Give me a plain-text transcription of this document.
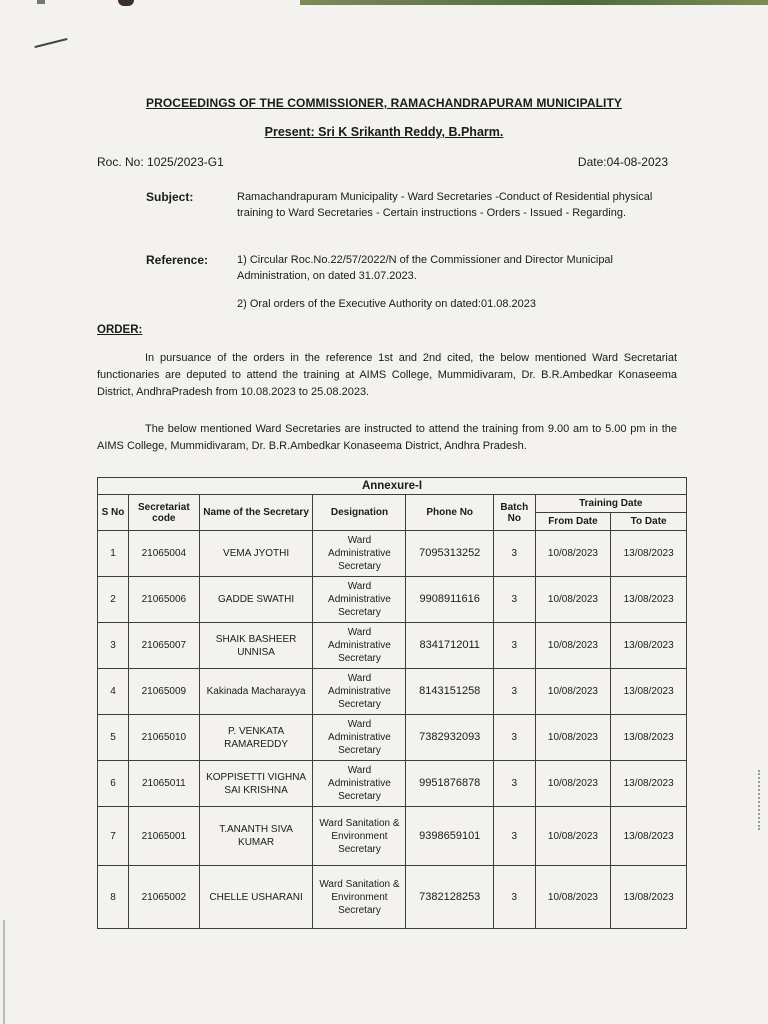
PROCEEDINGS OF THE COMMISSIONER, RAMACHANDRAPURAM MUNICIPALITY
Present: Sri K Srikanth Reddy, B.Pharm.
Roc. No: 1025/2023-G1	Date:04-08-2023
Subject:	Ramachandrapuram Municipality - Ward Secretaries -Conduct of Residential physical training to Ward Secretaries - Certain instructions - Orders - Issued - Regarding.
Reference:	1) Circular Roc.No.22/57/2022/N of the Commissioner and Director Municipal Administration, on dated 31.07.2023.
2) Oral orders of the Executive Authority on dated:01.08.2023
ORDER:
In pursuance of the orders in the reference 1st and 2nd cited, the below mentioned Ward Secretariat functionaries are deputed to attend the training at AIMS College, Mummidivaram, Dr. B.R.Ambedkar Konaseema District, AndhraPradesh from 10.08.2023 to 25.08.2023.
The below mentioned Ward Secretaries are instructed to attend the training from 9.00 am to 5.00 pm in the AIMS College, Mummidivaram, Dr. B.R.Ambedkar Konaseema District, Andhra Pradesh.
Annexure-I							
S No	Secretariat code	Name of the Secretary	Designation	Phone No	Batch No	Training Date	
						From Date	To Date
1	21065004	VEMA JYOTHI	Ward Administrative Secretary	7095313252	3	10/08/2023	13/08/2023
2	21065006	GADDE SWATHI	Ward Administrative Secretary	9908911616	3	10/08/2023	13/08/2023
3	21065007	SHAIK BASHEER UNNISA	Ward Administrative Secretary	8341712011	3	10/08/2023	13/08/2023
4	21065009	Kakinada Macharayya	Ward Administrative Secretary	8143151258	3	10/08/2023	13/08/2023
5	21065010	P. VENKATA RAMAREDDY	Ward Administrative Secretary	7382932093	3	10/08/2023	13/08/2023
6	21065011	KOPPISETTI VIGHNA SAI KRISHNA	Ward Administrative Secretary	9951876878	3	10/08/2023	13/08/2023
7	21065001	T.ANANTH SIVA KUMAR	Ward Sanitation & Environment Secretary	9398659101	3	10/08/2023	13/08/2023
8	21065002	CHELLE USHARANI	Ward Sanitation & Environment Secretary	7382128253	3	10/08/2023	13/08/2023
